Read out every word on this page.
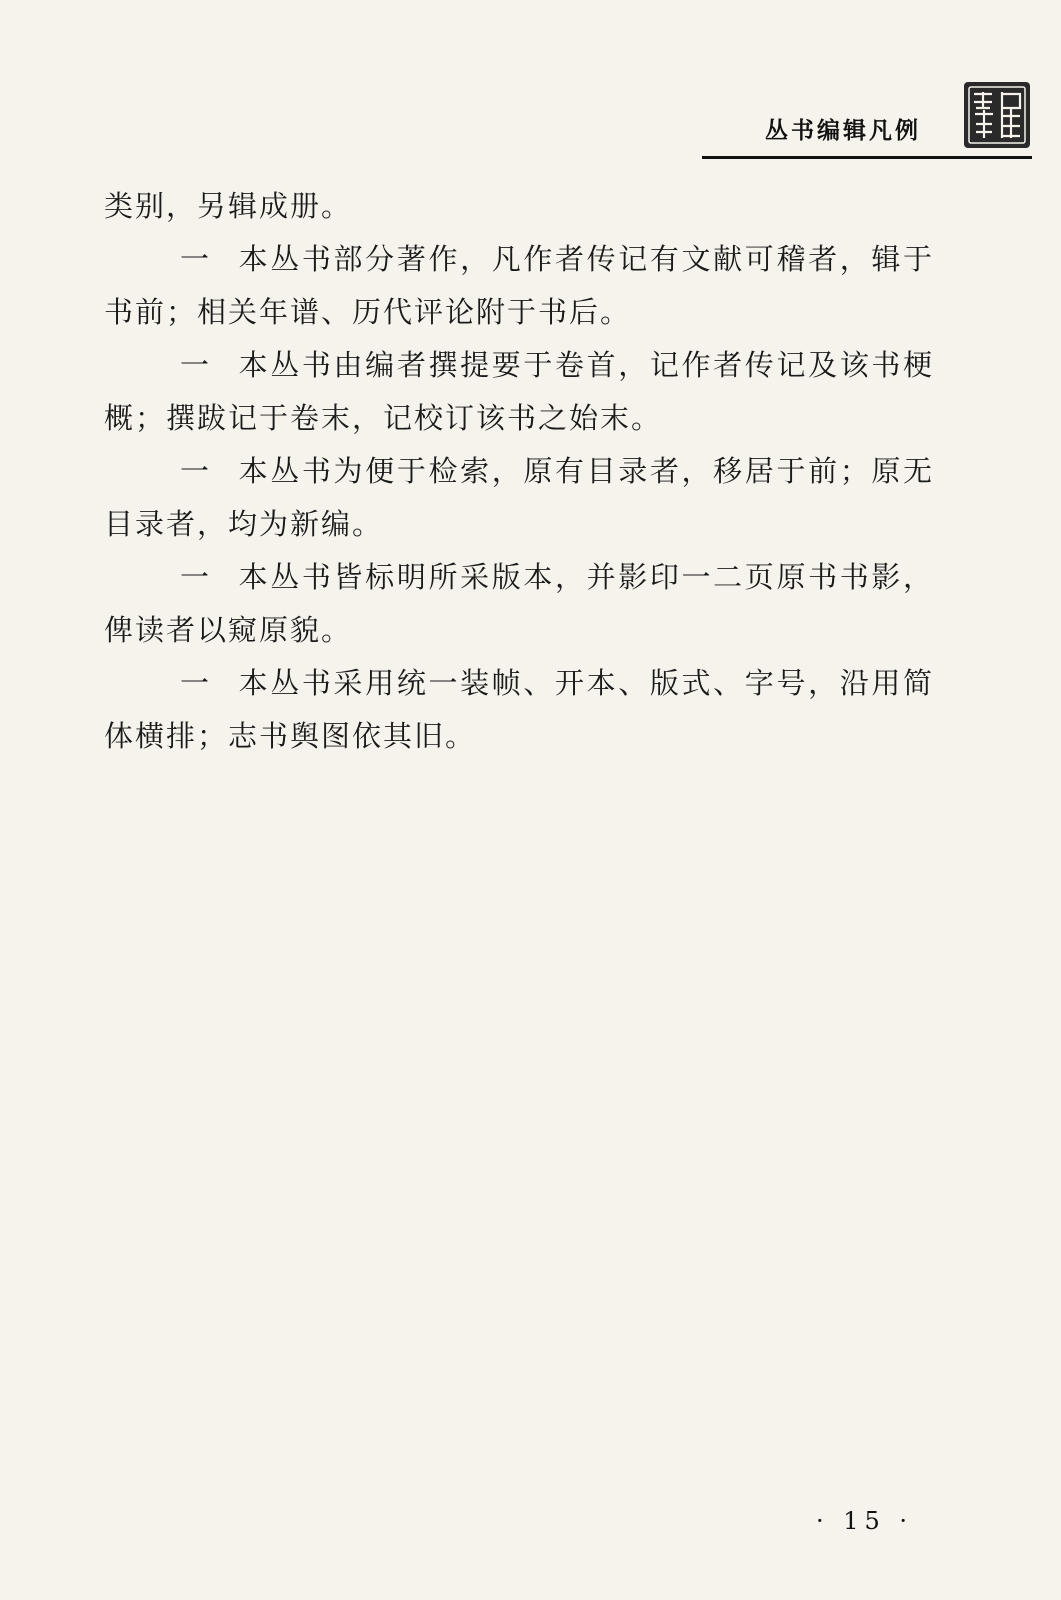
丛书编辑凡例

类别，另辑成册。

一 本丛书部分著作，凡作者传记有文献可稽者，辑于书前；相关年谱、历代评论附于书后。

一 本丛书由编者撰提要于卷首，记作者传记及该书梗概；撰跋记于卷末，记校订该书之始末。

一 本丛书为便于检索，原有目录者，移居于前；原无目录者，均为新编。

一 本丛书皆标明所采版本，并影印一二页原书书影，俾读者以窥原貌。

一 本丛书采用统一装帧、开本、版式、字号，沿用简体横排；志书舆图依其旧。

· 15 ·
